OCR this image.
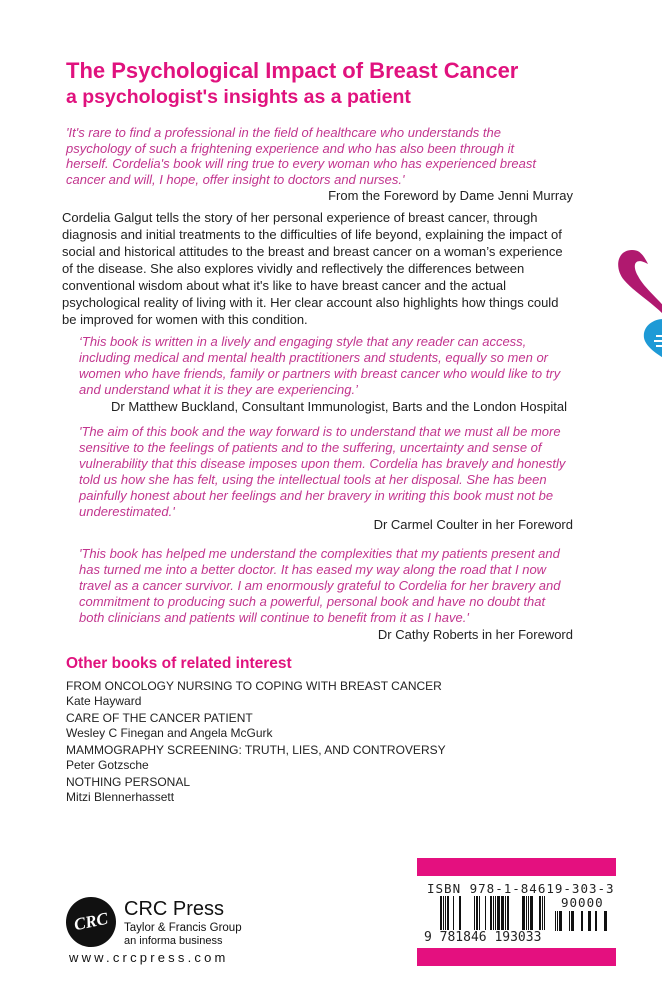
The Psychological Impact of Breast Cancer
a psychologist's insights as a patient
'It's rare to find a professional in the field of healthcare who understands the
psychology of such a frightening experience and who has also been through it
herself. Cordelia's book will ring true to every woman who has experienced breast
cancer and will, I hope, offer insight to doctors and nurses.'
From the Foreword by Dame Jenni Murray
Cordelia Galgut tells the story of her personal experience of breast cancer, through
diagnosis and initial treatments to the difficulties of life beyond, explaining the impact of
social and historical attitudes to the breast and breast cancer on a woman’s experience
of the disease. She also explores vividly and reflectively the differences between
conventional wisdom about what it's like to have breast cancer and the actual
psychological reality of living with it. Her clear account also highlights how things could
be improved for women with this condition.
‘This book is written in a lively and engaging style that any reader can access,
including medical and mental health practitioners and students, equally so men or
women who have friends, family or partners with breast cancer who would like to try
and understand what it is they are experiencing.’
Dr Matthew Buckland, Consultant Immunologist, Barts and the London Hospital
'The aim of this book and the way forward is to understand that we must all be more
sensitive to the feelings of patients and to the suffering, uncertainty and sense of
vulnerability that this disease imposes upon them. Cordelia has bravely and honestly
told us how she has felt, using the intellectual tools at her disposal. She has been
painfully honest about her feelings and her bravery in writing this book must not be
underestimated.'
Dr Carmel Coulter in her Foreword
'This book has helped me understand the complexities that my patients present and
has turned me into a better doctor. It has eased my way along the road that I now
travel as a cancer survivor. I am enormously grateful to Cordelia for her bravery and
commitment to producing such a powerful, personal book and have no doubt that
both clinicians and patients will continue to benefit from it as I have.'
Dr Cathy Roberts in her Foreword
Other books of related interest
FROM ONCOLOGY NURSING TO COPING WITH BREAST CANCER
Kate Hayward
CARE OF THE CANCER PATIENT
Wesley C Finegan and Angela McGurk
MAMMOGRAPHY SCREENING: TRUTH, LIES, AND CONTROVERSY
Peter Gotzsche
NOTHING PERSONAL
Mitzi Blennerhassett
CRC CRC Press
Taylor & Francis Group
an informa business
www.crcpress.com
ISBN 978-1-84619-303-3
90000
9 781846 193033
